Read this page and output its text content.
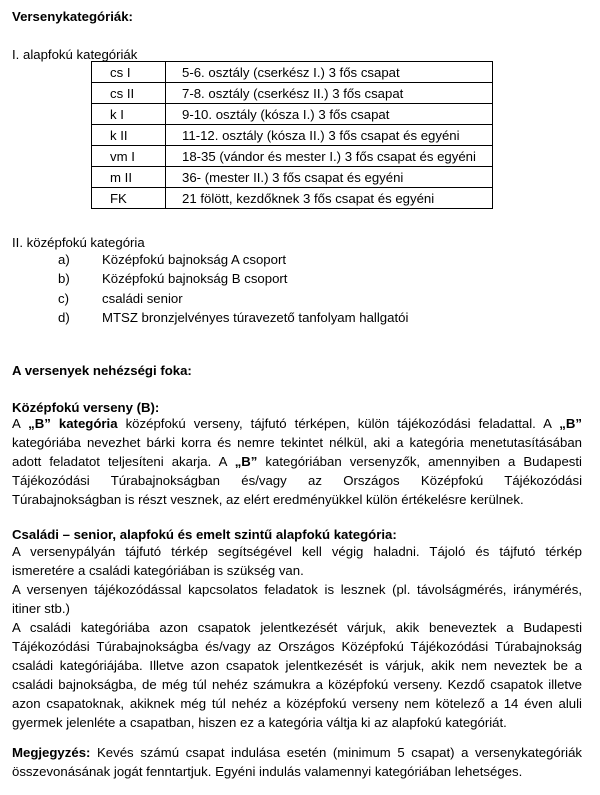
Versenykategóriák:
I. alapfokú kategóriák
cs I	5-6. osztály (cserkész I.) 3 fős csapat
cs II	7-8. osztály (cserkész II.) 3 fős csapat
k I	9-10. osztály (kósza I.) 3 fős csapat
k II	11-12. osztály (kósza II.) 3 fős csapat és egyéni
vm I	18-35 (vándor és mester I.) 3 fős csapat és egyéni
m II	36- (mester II.) 3 fős csapat és egyéni
FK	21 fölött, kezdőknek 3 fős csapat és egyéni
II. középfokú kategória
a) Középfokú bajnokság A csoport
b) Középfokú bajnokság B csoport
c)	családi senior
d) MTSZ bronzjelvényes túravezető tanfolyam hallgatói
A versenyek nehézségi foka:
Középfokú verseny (B):
A „B” kategória középfokú verseny, tájfutó térképen, külön tájékozódási feladattal. A „B”
kategóriába nevezhet bárki korra és nemre tekintet nélkül, aki a kategória menetutasításában
adott feladatot teljesíteni akarja. A „B” kategóriában versenyzők, amennyiben a Budapesti
Tájékozódási Túrabajnokságban és/vagy az Országos Középfokú Tájékozódási
Túrabajnokságban is részt vesznek, az elért eredményükkel külön értékelésre kerülnek.
Családi – senior, alapfokú és emelt szintű alapfokú kategória:
A versenypályán tájfutó térkép segítségével kell végig haladni. Tájoló és tájfutó térkép
ismeretére a családi kategóriában is szükség van.
A versenyen tájékozódással kapcsolatos feladatok is lesznek (pl. távolságmérés, iránymérés,
itiner stb.)
A családi kategóriába azon csapatok jelentkezését várjuk, akik beneveztek a Budapesti
Tájékozódási Túrabajnokságba és/vagy az Országos Középfokú Tájékozódási Túrabajnokság
családi kategóriájába. Illetve azon csapatok jelentkezését is várjuk, akik nem neveztek be a
családi bajnokságba, de még túl nehéz számukra a középfokú verseny. Kezdő csapatok illetve
azon csapatoknak, akiknek még túl nehéz a középfokú verseny nem kötelező a 14 éven aluli
gyermek jelenléte a csapatban, hiszen ez a kategória váltja ki az alapfokú kategóriát.
Megjegyzés: Kevés számú csapat indulása esetén (minimum 5 csapat) a versenykategóriák
összevonásának jogát fenntartjuk. Egyéni indulás valamennyi kategóriában lehetséges.
